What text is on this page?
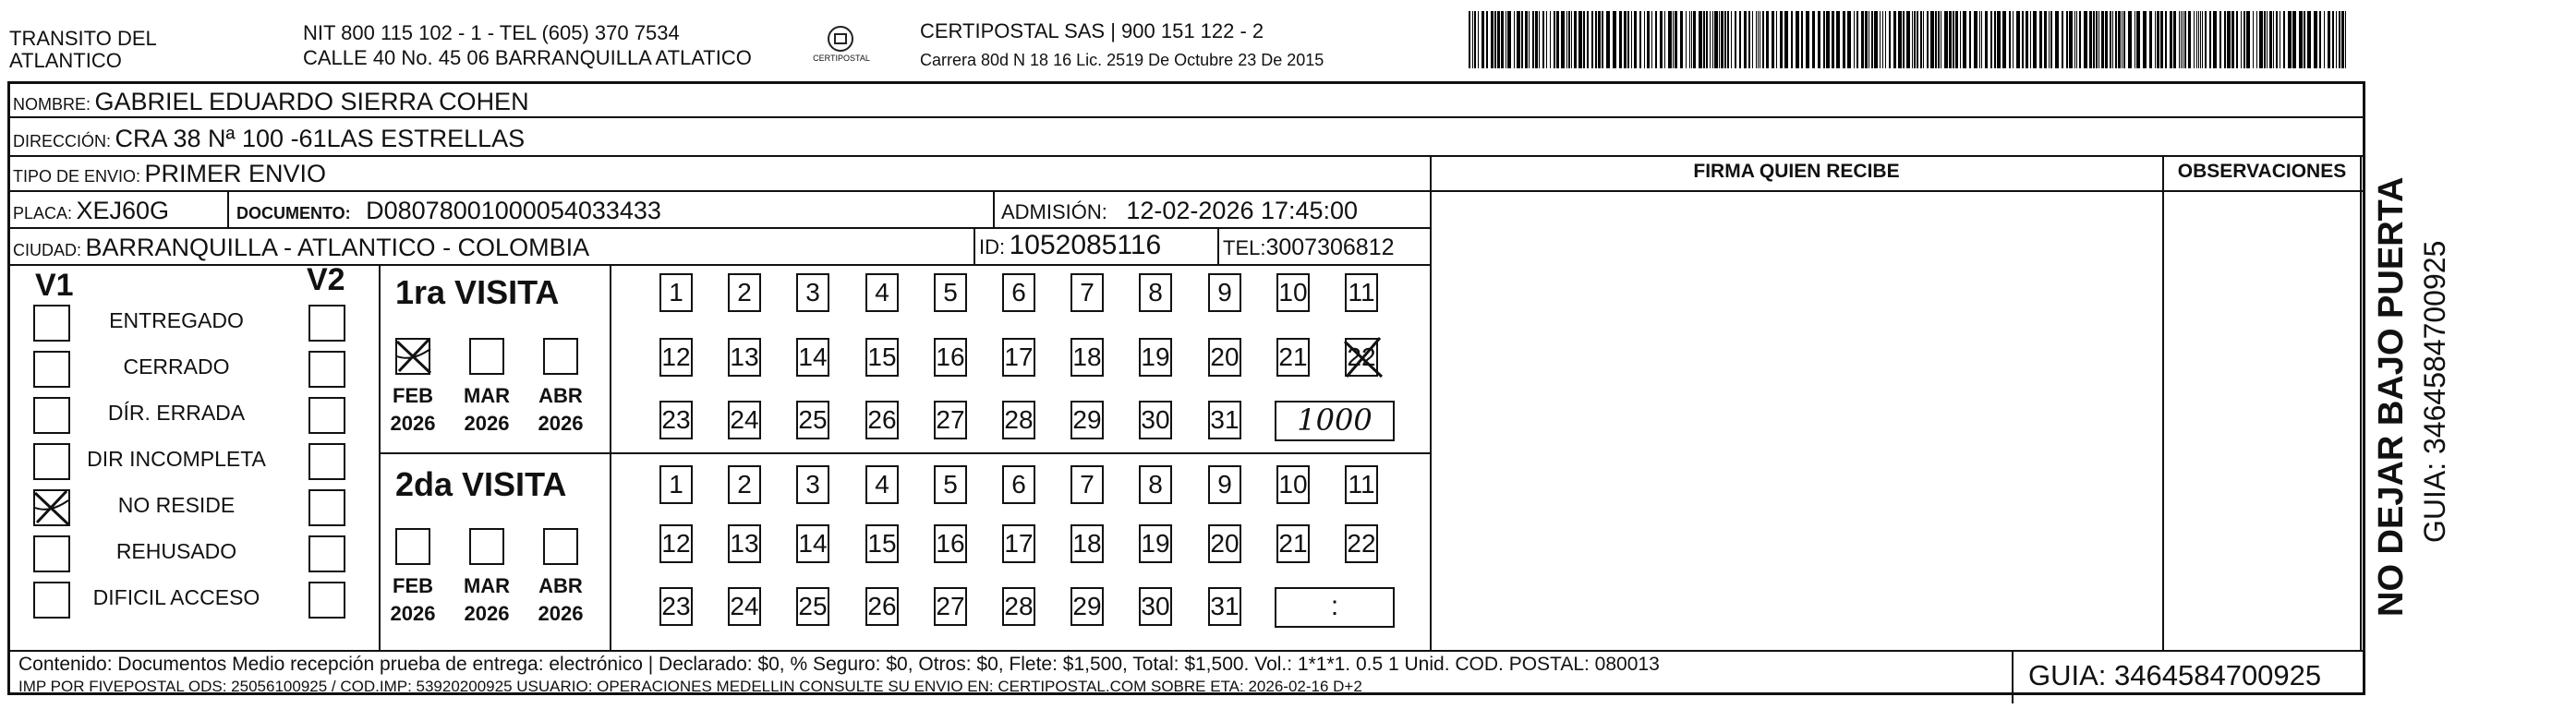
TRANSITO DEL
ATLANTICO
NIT 800 115 102 - 1 - TEL (605) 370 7534
CALLE 40 No. 45 06 BARRANQUILLA ATLATICO	CERTIPOSTAL
CERTIPOSTAL SAS | 900 151 122 - 2
Carrera 80d N 18 16 Lic. 2519 De Octubre 23 De 2015
NOMBRE: GABRIEL EDUARDO SIERRA COHEN
DIRECCIÓN: CRA 38 Nª 100 -61LAS ESTRELLAS
TIPO DE ENVIO: PRIMER ENVIO
PLACA: XEJ60G	DOCUMENTO: D08078001000054033433	ADMISIÓN: 12-02-2026 17:45:00
CIUDAD: BARRANQUILLA - ATLANTICO - COLOMBIA	ID: 1052085116	TEL:3007306812
FIRMA QUIEN RECIBE	OBSERVACIONES
V1	V2
ENTREGADO
CERRADO
DÍR. ERRADA
DIR INCOMPLETA
NO RESIDE
REHUSADO
DIFICIL ACCESO
1ra VISITA
2da VISITA
FEB
2026
MAR
2026
ABR
2026
FEB
2026
MAR
2026
ABR
2026
1	2	3	4	5	6	7	8	9	10 11
12 13 14 15 16 17 18 19 20 21 22
23 24 25 26 27 28 29 30 31
1	2	3	4	5	6	7	8	9	10 11
12 13 14 15 16 17 18 19 20 21 22
23 24 25 26 27 28 29 30 31
1000
:
Contenido: Documentos Medio recepción prueba de entrega: electrónico | Declarado: $0, % Seguro: $0, Otros: $0, Flete: $1,500, Total: $1,500. Vol.: 1*1*1. 0.5 1 Unid. COD. POSTAL: 080013
IMP POR FIVEPOSTAL ODS: 25056100925 / COD.IMP: 53920200925 USUARIO: OPERACIONES MEDELLIN CONSULTE SU ENVIO EN: CERTIPOSTAL.COM SOBRE ETA: 2026-02-16 D+2	GUIA: 3464584700925
NO DEJAR BAJO PUERTA GUIA: 3464584700925
